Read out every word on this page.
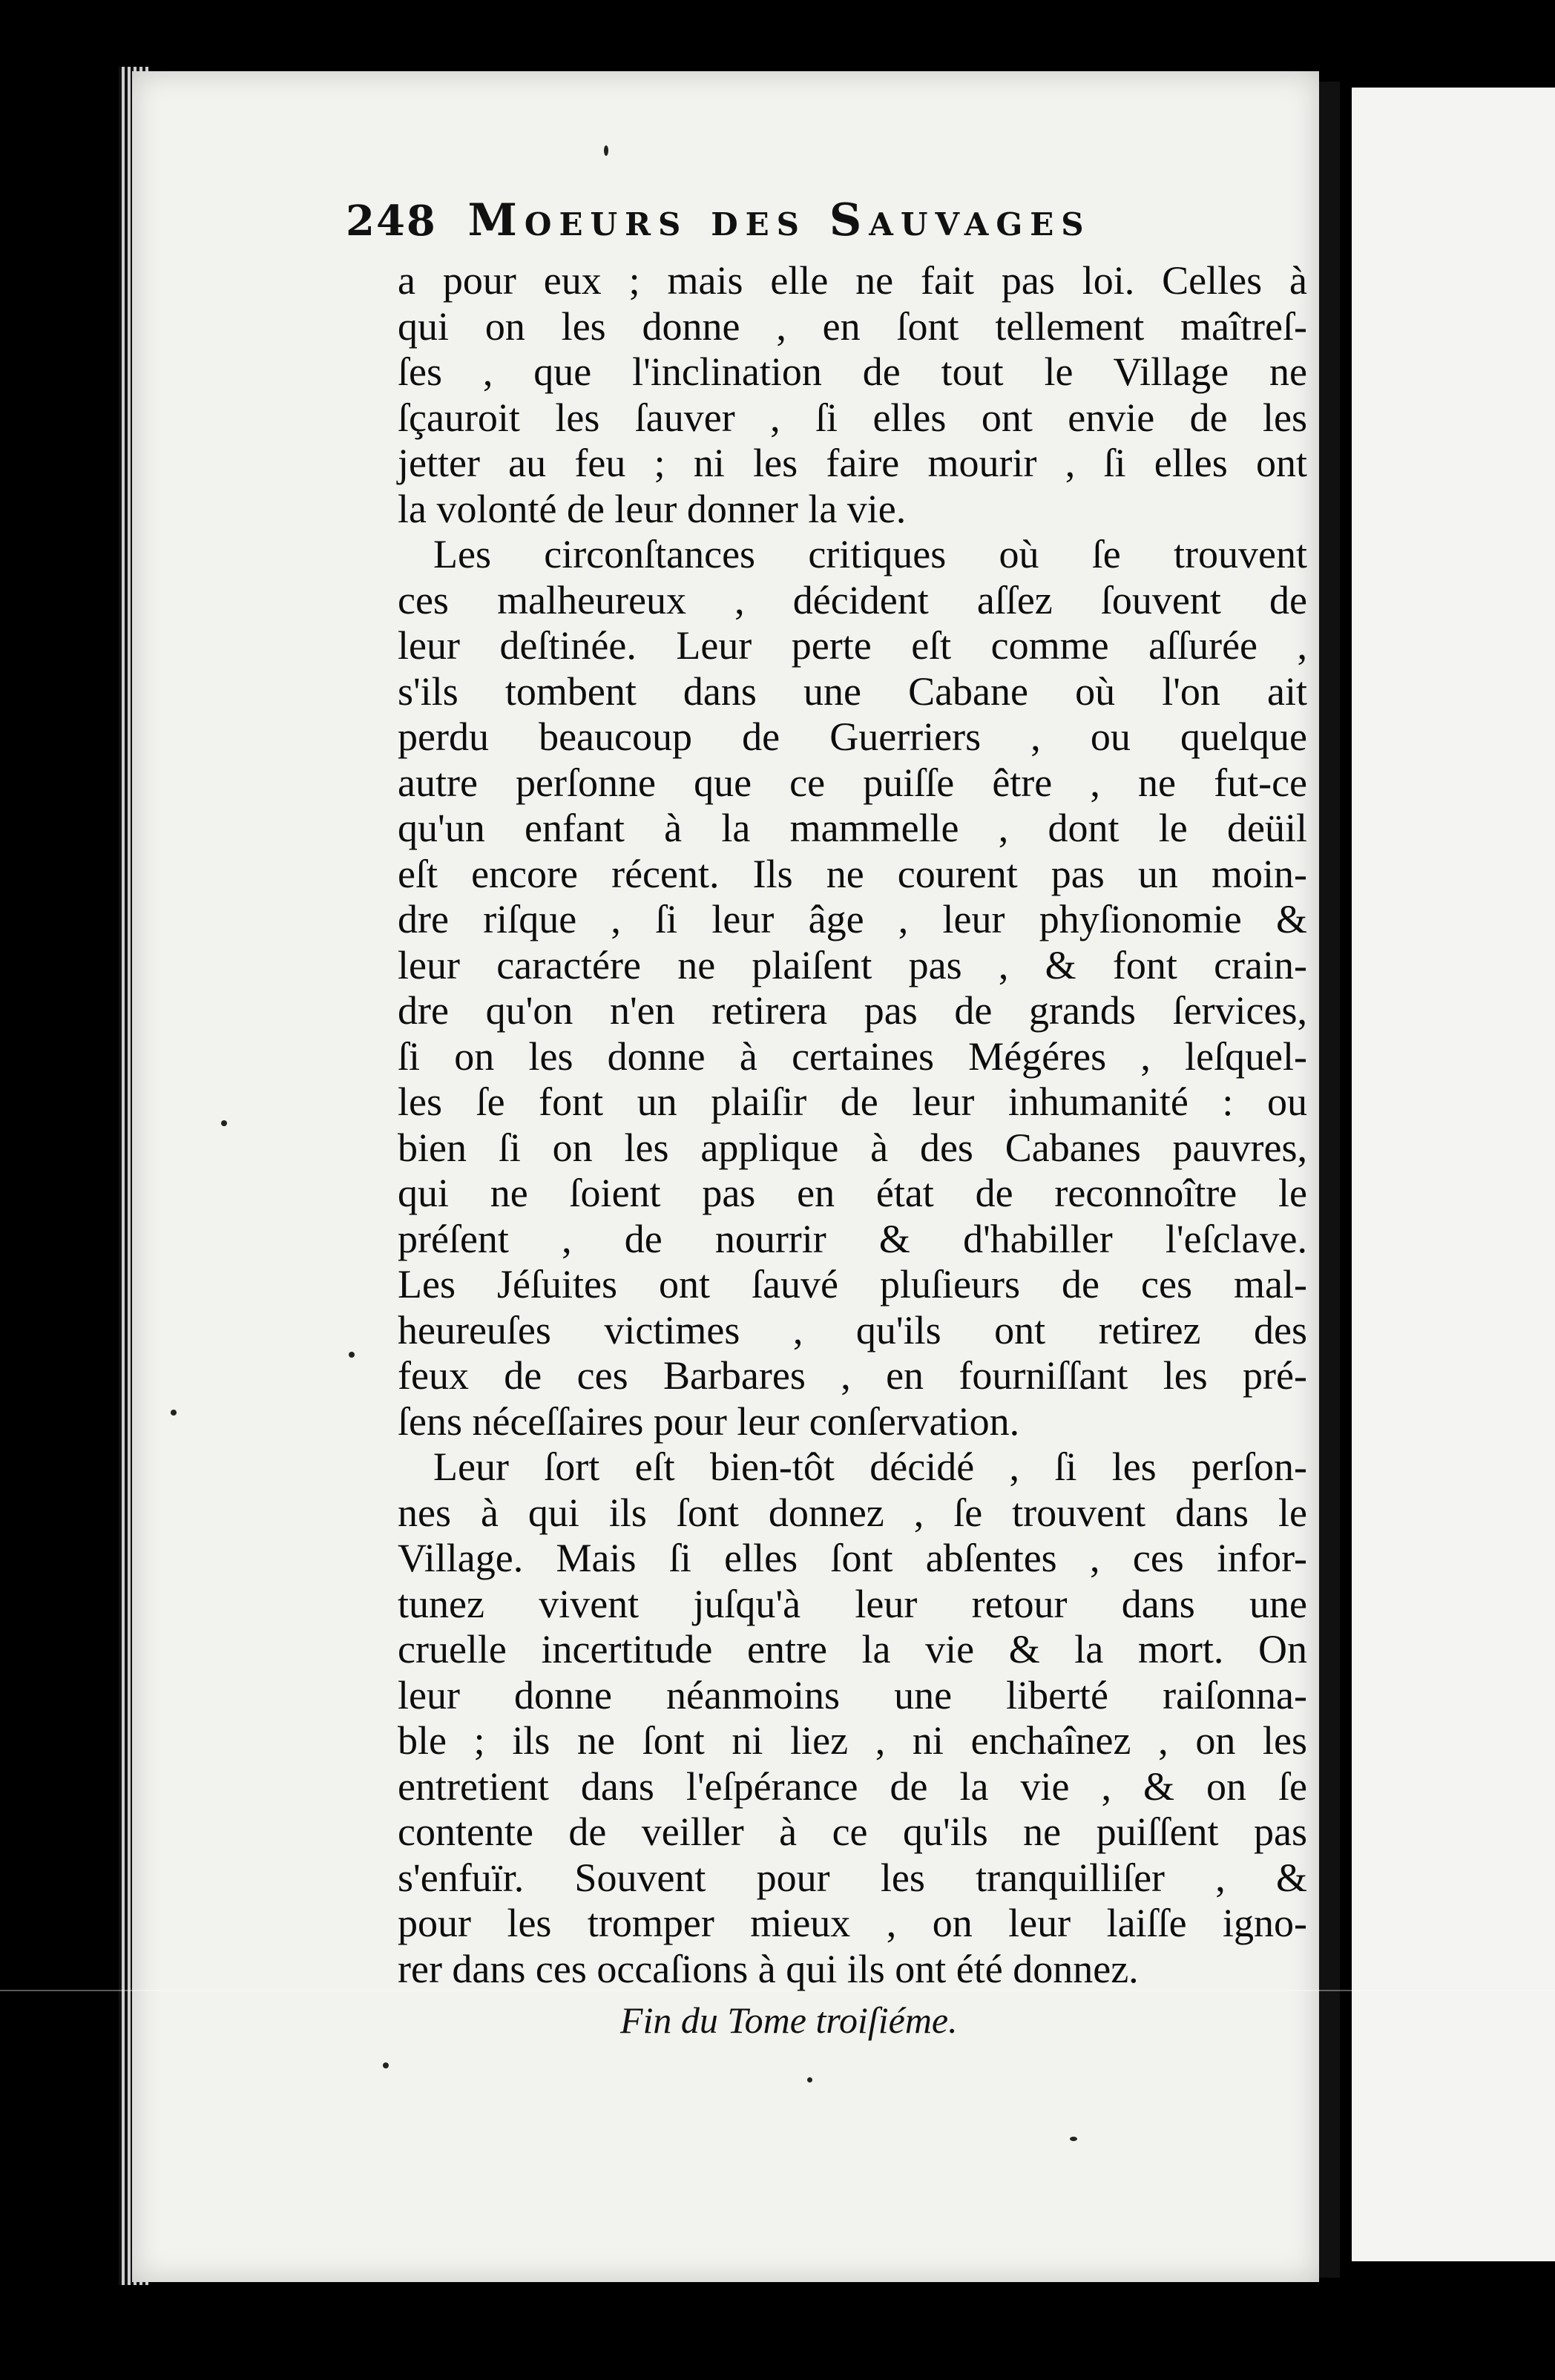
248 Moeurs des Sauvages
a pour eux ; mais elle ne fait pas loi. Celles à
qui on les donne , en ſont tellement maîtreſ-
ſes , que l'inclination de tout le Village ne
ſçauroit les ſauver , ſi elles ont envie de les
jetter au feu ; ni les faire mourir , ſi elles ont
la volonté de leur donner la vie.
Les circonſtances critiques où ſe trouvent
ces malheureux , décident aſſez ſouvent de
leur deſtinée. Leur perte eſt comme aſſurée ,
s'ils tombent dans une Cabane où l'on ait
perdu beaucoup de Guerriers , ou quelque
autre perſonne que ce puiſſe être , ne fut-ce
qu'un enfant à la mammelle , dont le deüil
eſt encore récent. Ils ne courent pas un moin-
dre riſque , ſi leur âge , leur phyſionomie &
leur caractére ne plaiſent pas , & font crain-
dre qu'on n'en retirera pas de grands ſervices,
ſi on les donne à certaines Mégéres , leſquel-
les ſe font un plaiſir de leur inhumanité : ou
bien ſi on les applique à des Cabanes pauvres,
qui ne ſoient pas en état de reconnoître le
préſent , de nourrir & d'habiller l'eſclave.
Les Jéſuites ont ſauvé pluſieurs de ces mal-
heureuſes victimes , qu'ils ont retirez des
feux de ces Barbares , en fourniſſant les pré-
ſens néceſſaires pour leur conſervation.
Leur ſort eſt bien-tôt décidé , ſi les perſon-
nes à qui ils ſont donnez , ſe trouvent dans le
Village. Mais ſi elles ſont abſentes , ces infor-
tunez vivent juſqu'à leur retour dans une
cruelle incertitude entre la vie & la mort. On
leur donne néanmoins une liberté raiſonna-
ble ; ils ne ſont ni liez , ni enchaînez , on les
entretient dans l'eſpérance de la vie , & on ſe
contente de veiller à ce qu'ils ne puiſſent pas
s'enfuïr. Souvent pour les tranquilliſer , &
pour les tromper mieux , on leur laiſſe igno-
rer dans ces occaſions à qui ils ont été donnez.
Fin du Tome troiſiéme.
